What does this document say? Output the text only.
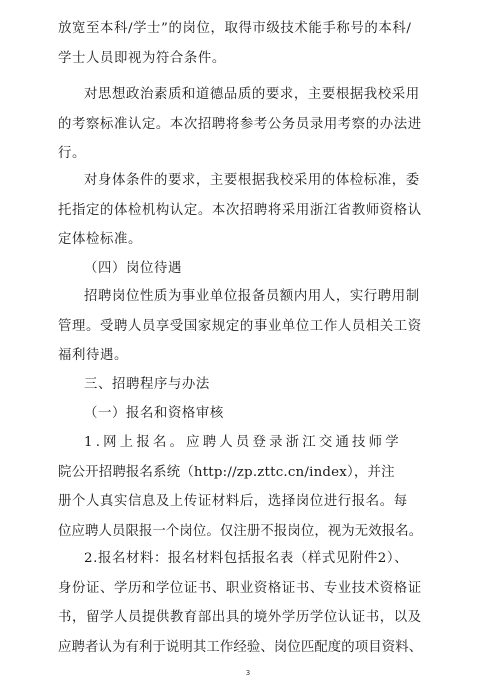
放宽至本科/学士”的岗位，取得市级技术能手称号的本科/
学士人员即视为符合条件。

对思想政治素质和道德品质的要求，主要根据我校采用
的考察标准认定。本次招聘将参考公务员录用考察的办法进
行。

对身体条件的要求，主要根据我校采用的体检标准，委
托指定的体检机构认定。本次招聘将采用浙江省教师资格认
定体检标准。

（四）岗位待遇

招聘岗位性质为事业单位报备员额内用人，实行聘用制
管理。受聘人员享受国家规定的事业单位工作人员相关工资
福利待遇。

三、招聘程序与办法

（一）报名和资格审核

1.网上报名。应聘人员登录浙江交通技师学
院公开招聘报名系统（http://zp.zttc.cn/index），并注
册个人真实信息及上传证材料后，选择岗位进行报名。每
位应聘人员限报一个岗位。仅注册不报岗位，视为无效报名。

2.报名材料：报名材料包括报名表（样式见附件2）、
身份证、学历和学位证书、职业资格证书、专业技术资格证
书，留学人员提供教育部出具的境外学历学位认证书，以及
应聘者认为有利于说明其工作经验、岗位匹配度的项目资料、

3
